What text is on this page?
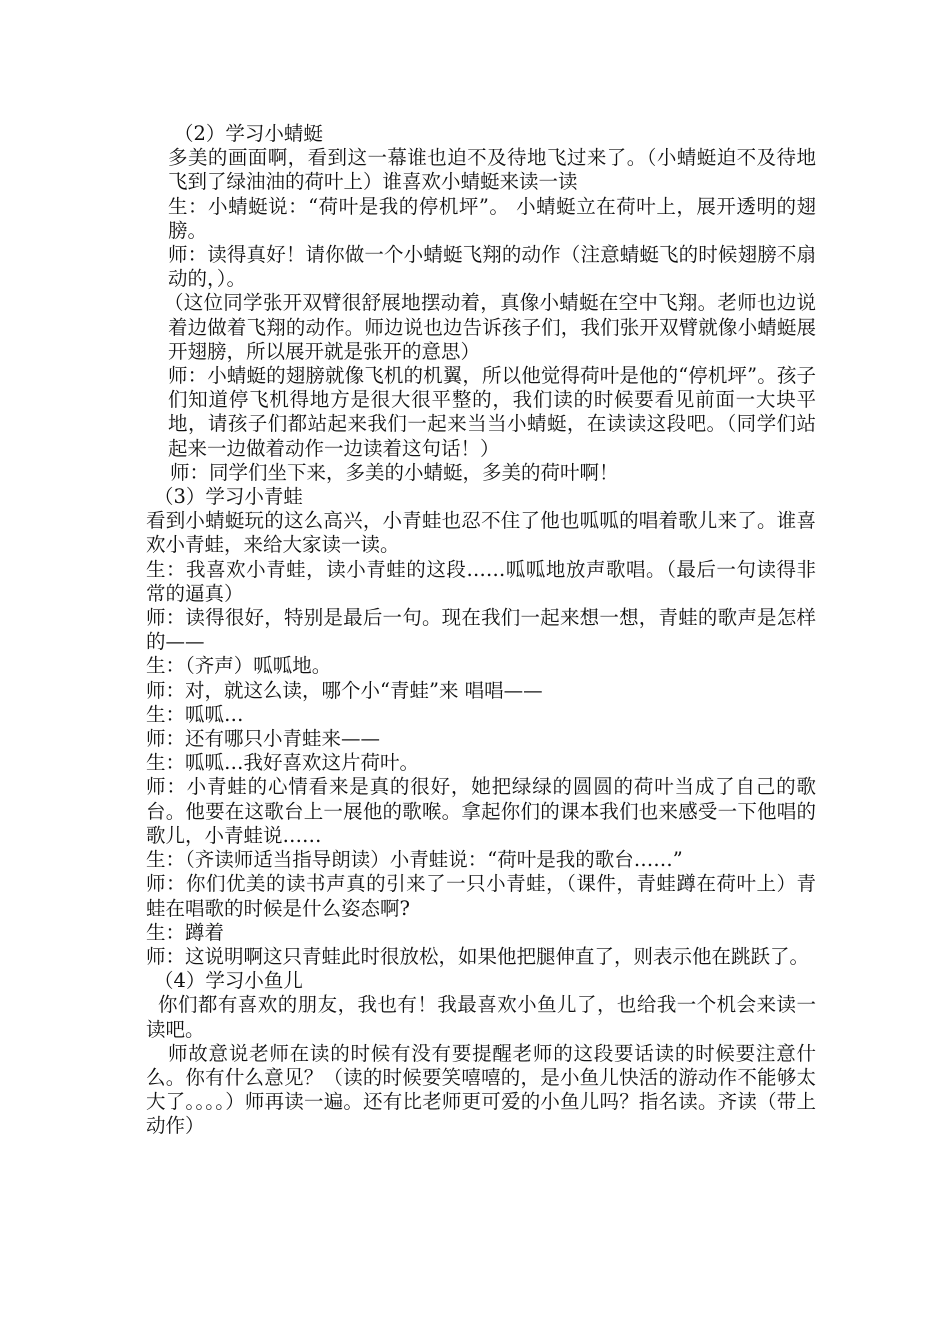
（2）学习小蜻蜓

多美的画面啊，看到这一幕谁也迫不及待地飞过来了。（小蜻蜓迫不及待地飞到了绿油油的荷叶上）谁喜欢小蜻蜓来读一读

生：小蜻蜓说：“荷叶是我的停机坪”。 小蜻蜓立在荷叶上，展开透明的翅膀。

师：读得真好！请你做一个小蜻蜓飞翔的动作（注意蜻蜓飞的时候翅膀不扇动的，）。

（这位同学张开双臂很舒展地摆动着，真像小蜻蜓在空中飞翔。老师也边说着边做着飞翔的动作。师边说也边告诉孩子们，我们张开双臂就像小蜻蜓展开翅膀，所以展开就是张开的意思）

师：小蜻蜓的翅膀就像飞机的机翼，所以他觉得荷叶是他的“停机坪”。孩子们知道停飞机得地方是很大很平整的，我们读的时候要看见前面一大块平地，请孩子们都站起来我们一起来当当小蜻蜓，在读读这段吧。（同学们站起来一边做着动作一边读着这句话！）

师：同学们坐下来，多美的小蜻蜓，多美的荷叶啊！

（3）学习小青蛙

看到小蜻蜓玩的这么高兴，小青蛙也忍不住了他也呱呱的唱着歌儿来了。谁喜欢小青蛙，来给大家读一读。

生：我喜欢小青蛙，读小青蛙的这段……呱呱地放声歌唱。（最后一句读得非常的逼真）

师：读得很好，特别是最后一句。现在我们一起来想一想，青蛙的歌声是怎样的——

生：（齐声）呱呱地。

师：对，就这么读，哪个小“青蛙”来 唱唱——

生：呱呱…

师：还有哪只小青蛙来——

生：呱呱…我好喜欢这片荷叶。

师：小青蛙的心情看来是真的很好，她把绿绿的圆圆的荷叶当成了自己的歌台。他要在这歌台上一展他的歌喉。拿起你们的课本我们也来感受一下他唱的歌儿，小青蛙说……

生：（齐读师适当指导朗读）小青蛙说：“荷叶是我的歌台……”

师：你们优美的读书声真的引来了一只小青蛙，（课件，青蛙蹲在荷叶上）青蛙在唱歌的时候是什么姿态啊?

生：蹲着

师：这说明啊这只青蛙此时很放松，如果他把腿伸直了，则表示他在跳跃了。

（4）学习小鱼儿

你们都有喜欢的朋友，我也有！我最喜欢小鱼儿了，也给我一个机会来读一读吧。

师故意说老师在读的时候有没有要提醒老师的这段要话读的时候要注意什么。你有什么意见？（读的时候要笑嘻嘻的，是小鱼儿快活的游动作不能够太大了。。。。）师再读一遍。还有比老师更可爱的小鱼儿吗？指名读。齐读（带上动作）
